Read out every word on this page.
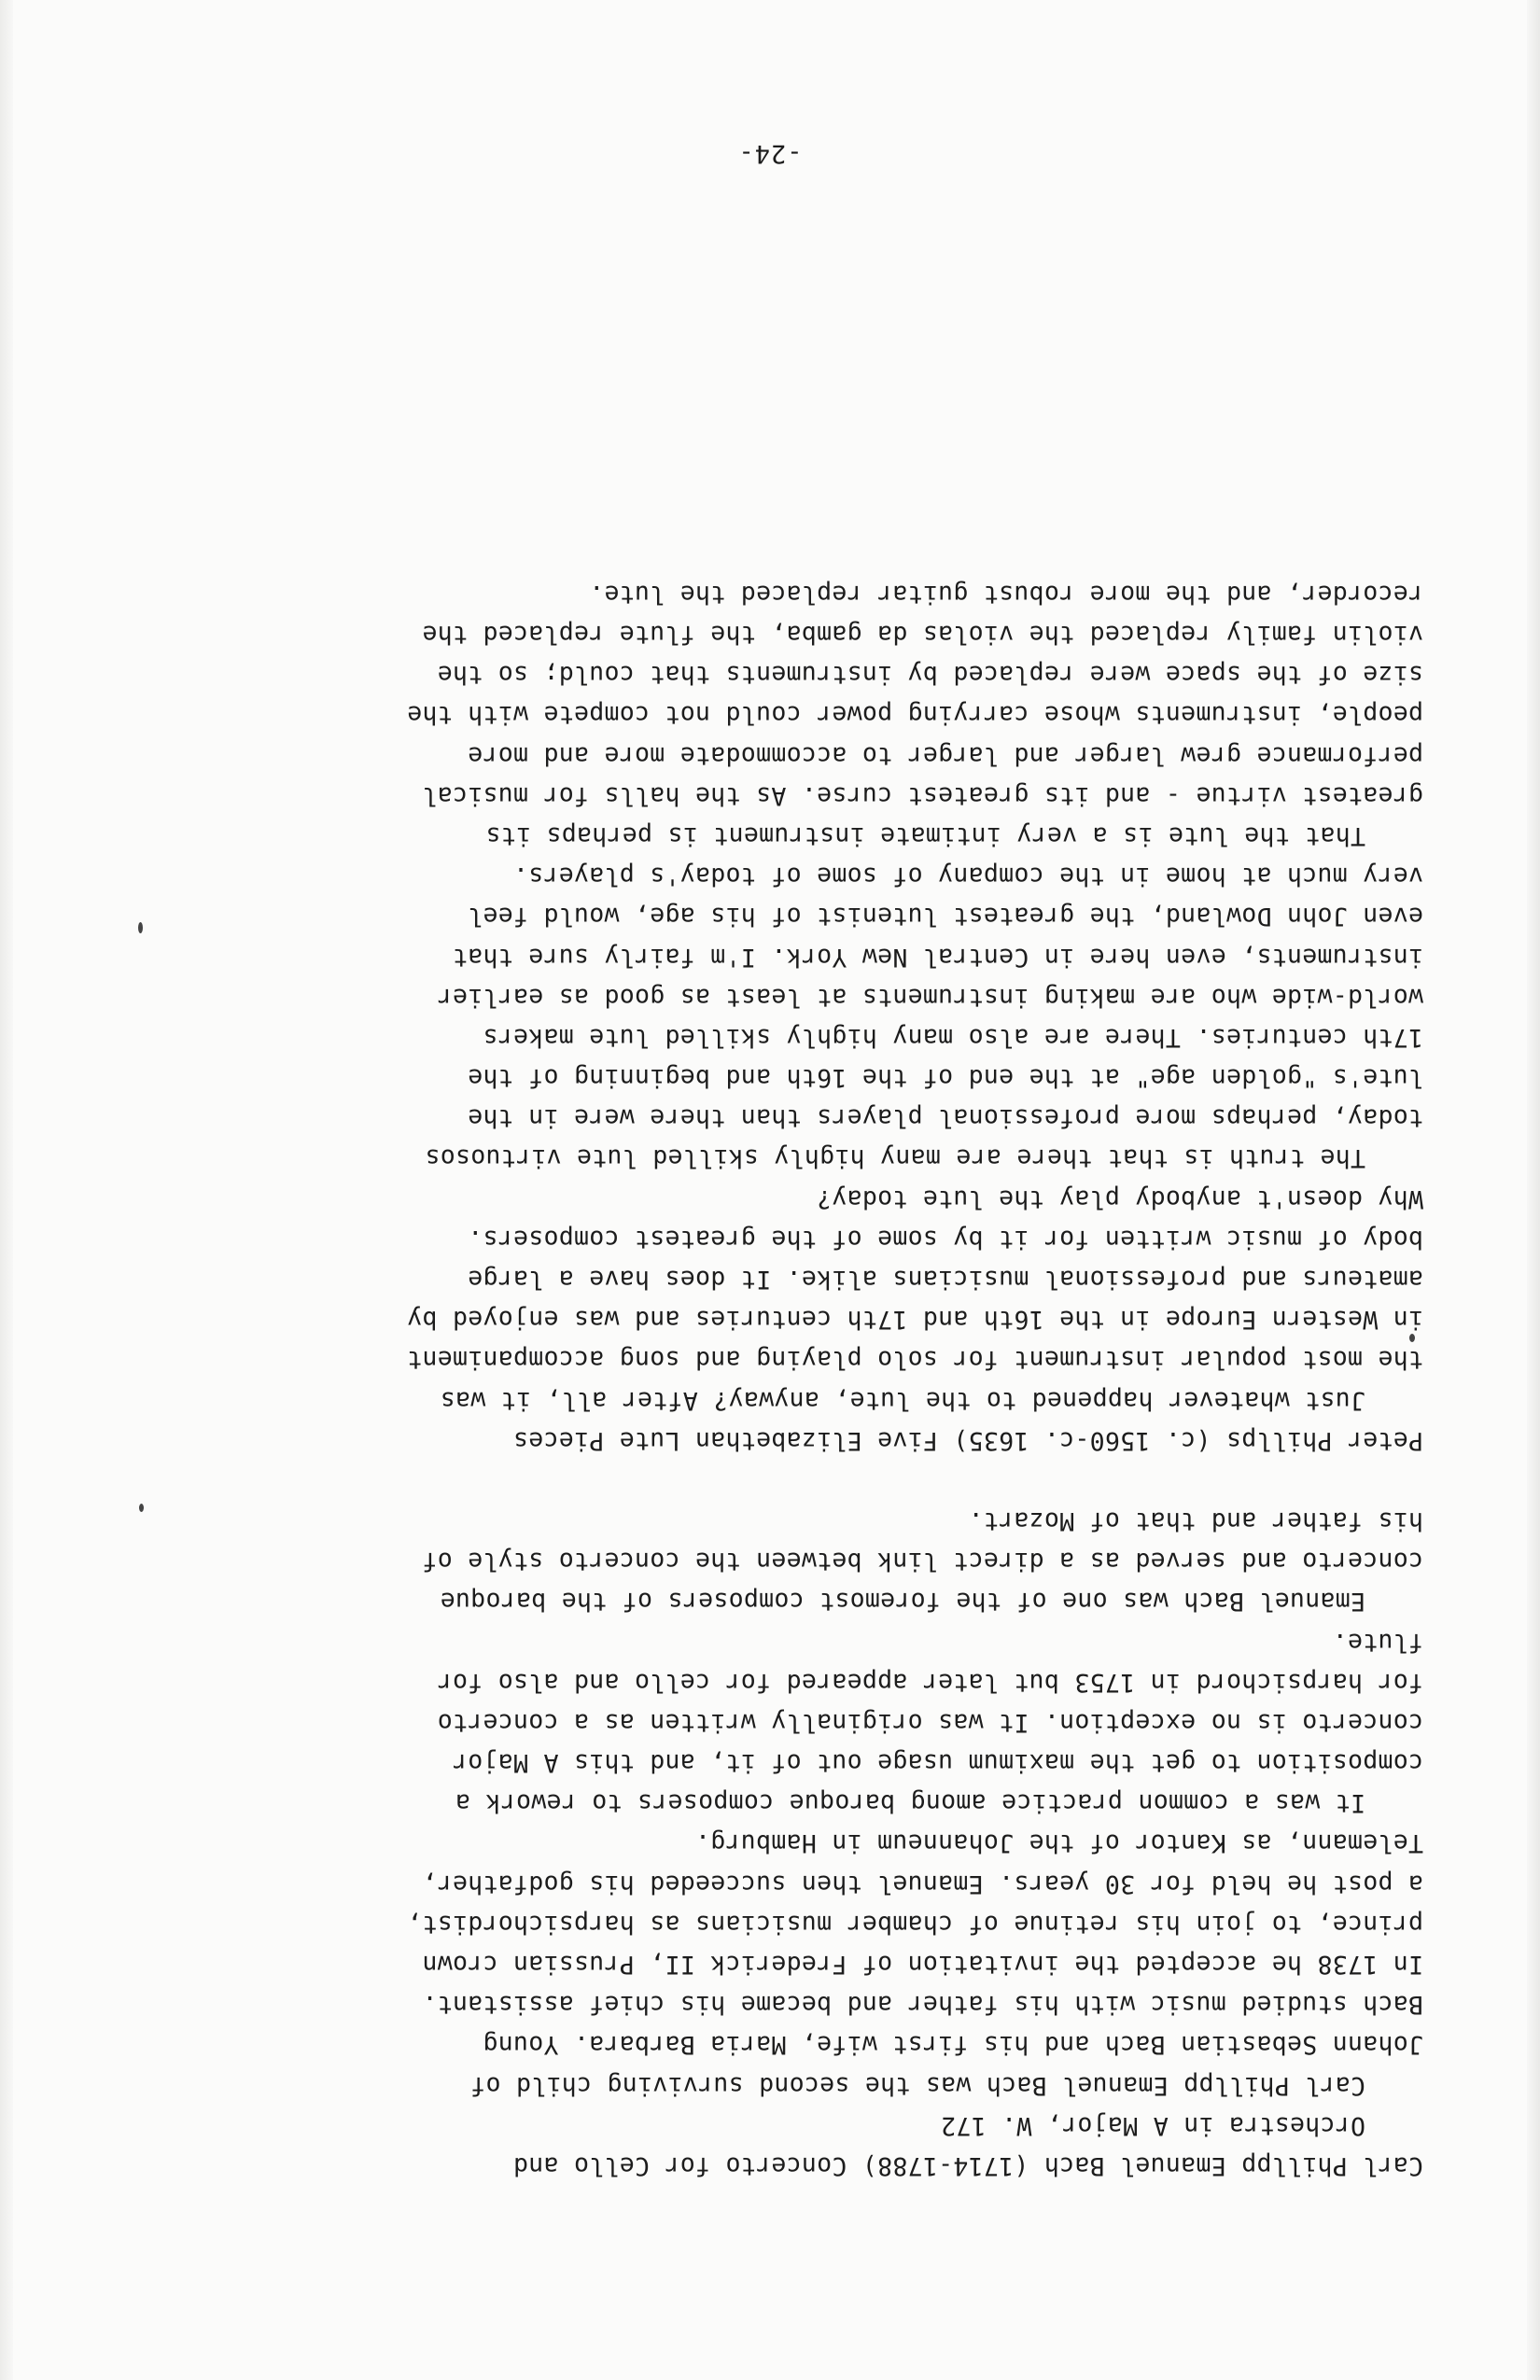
Carl Phillpp Emanuel Bach (1714-1788) Concerto for Cello and
Orchestra in A Major, W. 172
Carl Phillpp Emanuel Bach was the second surviving child of
Johann Sebastian Bach and his first wife, Maria Barbara. Young
Bach studied music with his father and became his chief assistant.
In 1738 he accepted the invitation of Frederick II, Prussian crown
prince, to join his retinue of chamber musicians as harpsichordist,
a post he held for 30 years. Emanuel then succeeded his godfather,
Telemann, as Kantor of the Johanneum in Hamburg.
It was a common practice among baroque composers to rework a
composition to get the maximum usage out of it, and this A Major
concerto is no exception. It was originally written as a concerto
for harpsichord in 1753 but later appeared for cello and also for
flute.
Emanuel Bach was one of the foremost composers of the baroque
concerto and served as a direct link between the concerto style of
his father and that of Mozart.
Peter Phillps (c. 1560-c. 1635) Five Elizabethan Lute Pieces
Just whatever happened to the lute, anyway? After all, it was
the most popular instrument for solo playing and song accompaniment
in Western Europe in the 16th and 17th centuries and was enjoyed by
amateurs and professional musicians alike. It does have a large
body of music written for it by some of the greatest composers.
Why doesn't anybody play the lute today?
The truth is that there are many highly skilled lute virtuosos
today, perhaps more professional players than there were in the
lute's "golden age" at the end of the 16th and beginning of the
17th centuries. There are also many highly skilled lute makers
world-wide who are making instruments at least as good as earlier
instruments, even here in Central New York. I'm fairly sure that
even John Dowland, the greatest lutenist of his age, would feel
very much at home in the company of some of today's players.
That the lute is a very intimate instrument is perhaps its
greatest virtue - and its greatest curse. As the halls for musical
performance grew larger and larger to accommodate more and more
people, instruments whose carrying power could not compete with the
size of the space were replaced by instruments that could; so the
violin family replaced the violas da gamba, the flute replaced the
recorder, and the more robust guitar replaced the lute.
-24-
